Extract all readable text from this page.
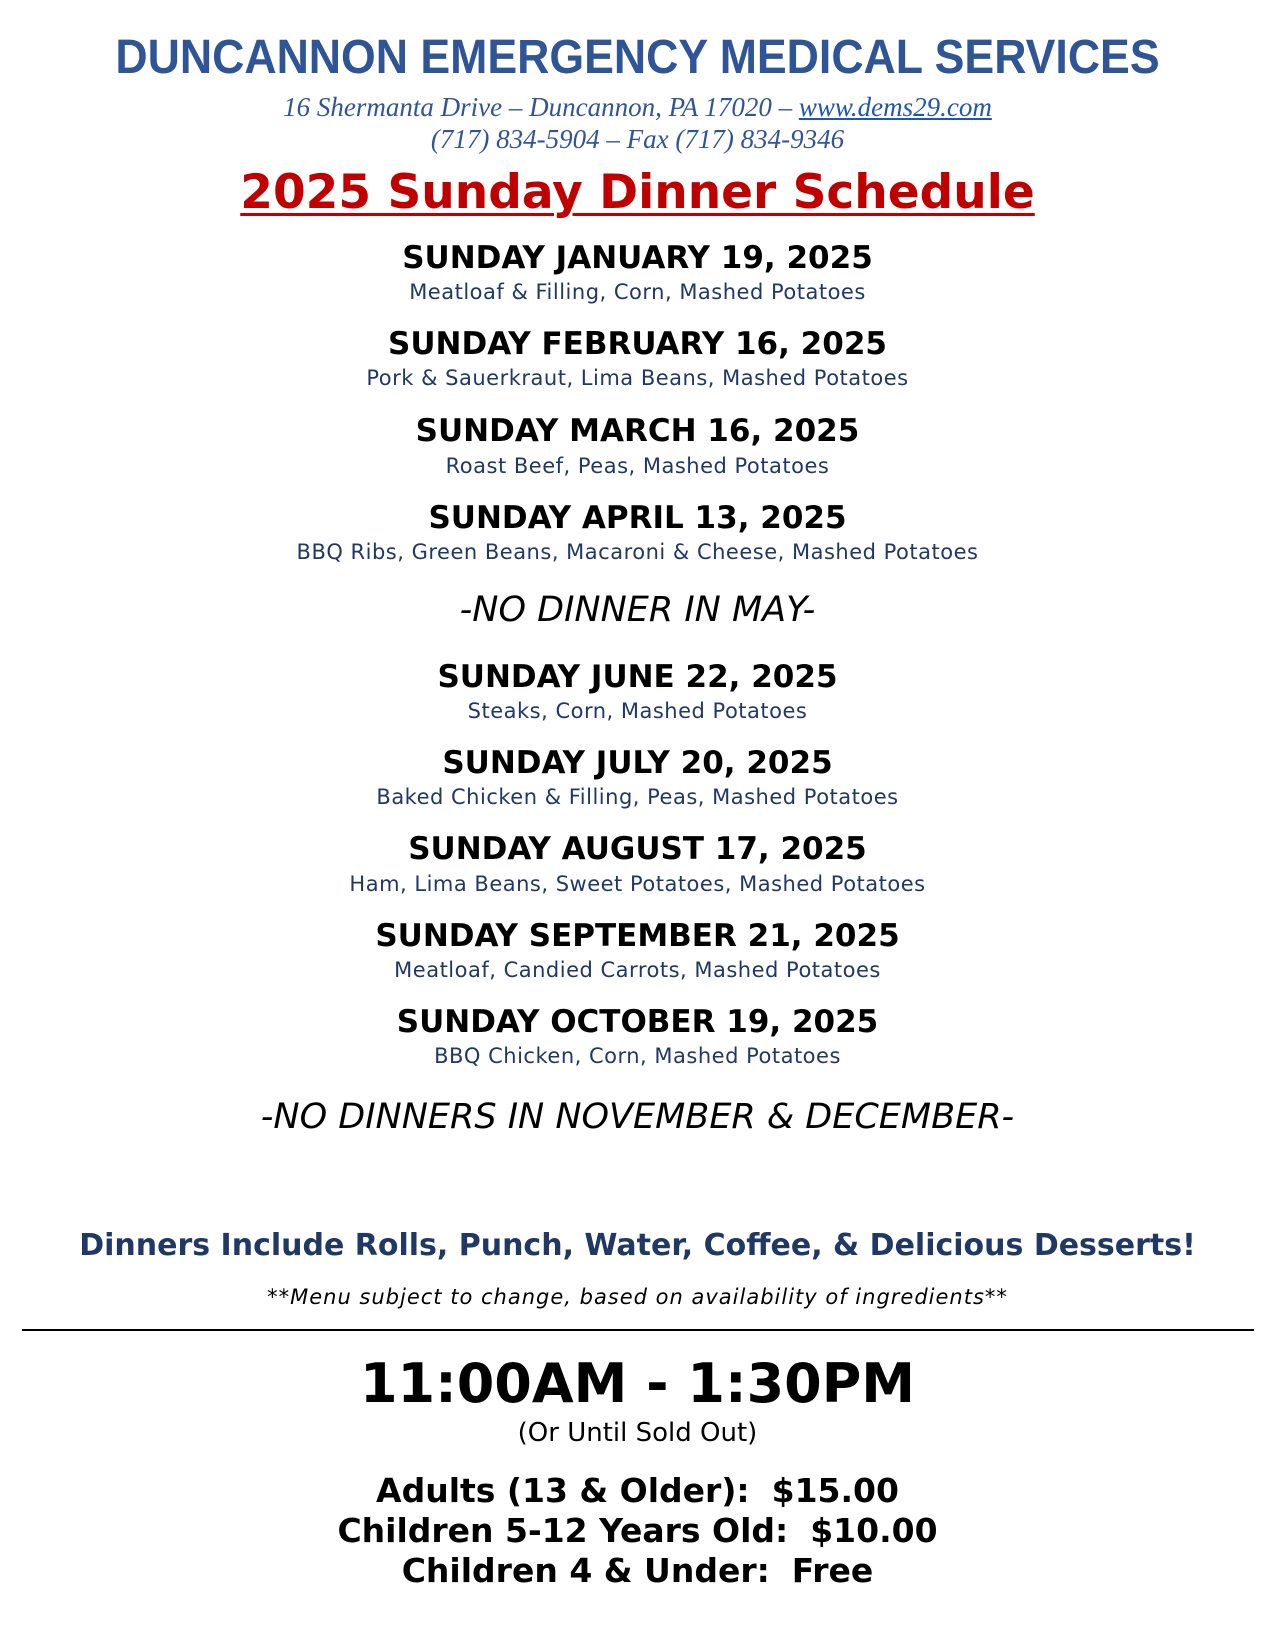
DUNCANNON EMERGENCY MEDICAL SERVICES
16 Shermanta Drive – Duncannon, PA 17020 – www.dems29.com
(717) 834-5904 – Fax (717) 834-9346
2025 Sunday Dinner Schedule
SUNDAY JANUARY 19, 2025
Meatloaf & Filling, Corn, Mashed Potatoes
SUNDAY FEBRUARY 16, 2025
Pork & Sauerkraut, Lima Beans, Mashed Potatoes
SUNDAY MARCH 16, 2025
Roast Beef, Peas, Mashed Potatoes
SUNDAY APRIL 13, 2025
BBQ Ribs, Green Beans, Macaroni & Cheese, Mashed Potatoes
-NO DINNER IN MAY-
SUNDAY JUNE 22, 2025
Steaks, Corn, Mashed Potatoes
SUNDAY JULY 20, 2025
Baked Chicken & Filling, Peas, Mashed Potatoes
SUNDAY AUGUST 17, 2025
Ham, Lima Beans, Sweet Potatoes, Mashed Potatoes
SUNDAY SEPTEMBER 21, 2025
Meatloaf, Candied Carrots, Mashed Potatoes
SUNDAY OCTOBER 19, 2025
BBQ Chicken, Corn, Mashed Potatoes
-NO DINNERS IN NOVEMBER & DECEMBER-
Dinners Include Rolls, Punch, Water, Coffee, & Delicious Desserts!
**Menu subject to change, based on availability of ingredients**
11:00AM - 1:30PM
(Or Until Sold Out)
Adults (13 & Older): $15.00
Children 5-12 Years Old: $10.00
Children 4 & Under: Free
